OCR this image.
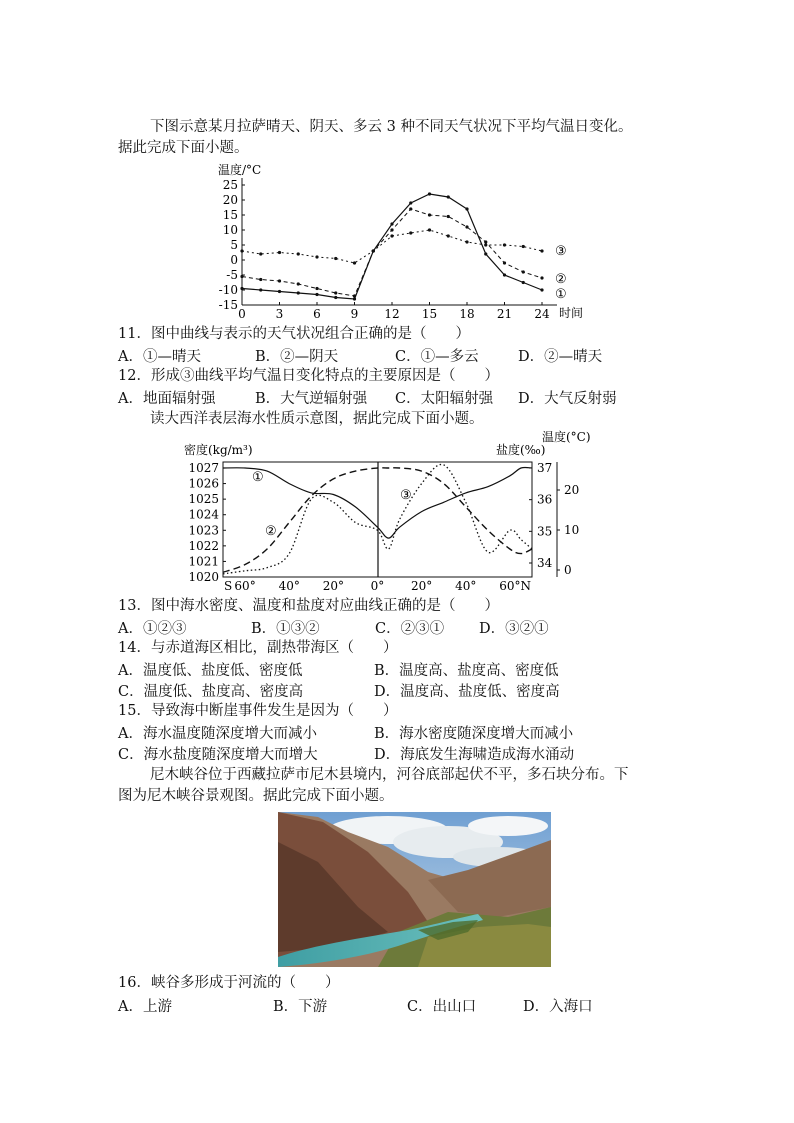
下图示意某月拉萨晴天、阴天、多云 3 种不同天气状况下平均气温日变化。
据此完成下面小题。
温度/°C
25
20
15
10
5
0
-5
-10
-15
0 3 6 9 12 15 18 21 24 时间
③
②
①
11．图中曲线与表示的天气状况组合正确的是（　　）
A．①—晴天	B．②—阴天	C．①—多云	D．②—晴天
12．形成③曲线平均气温日变化特点的主要原因是（　　）
A．地面辐射强	B．大气逆辐射强 C．太阳辐射强 D．大气反射弱
读大西洋表层海水性质示意图，据此完成下面小题。
密度(kg/m³)	盐度(‰)
温度(°C)
1027
1026
1025
1024
1023
1022
1021
1020
37
36
35
34
20
10
0
S 60° 40° 20° 0° 20° 40° 60° N
①
②
③
13．图中海水密度、温度和盐度对应曲线正确的是（　　）
A．①②③	B．①③②	C．②③① D．③②①
14．与赤道海区相比，副热带海区（　　）
A．温度低、盐度低、密度低	B．温度高、盐度高、密度低
C．温度低、盐度高、密度高	D．温度高、盐度低、密度高
15．导致海中断崖事件发生是因为（　　）
A．海水温度随深度增大而减小	B．海水密度随深度增大而减小
C．海水盐度随深度增大而增大	D．海底发生海啸造成海水涌动
尼木峡谷位于西藏拉萨市尼木县境内，河谷底部起伏不平，多石块分布。下
图为尼木峡谷景观图。据此完成下面小题。
16．峡谷多形成于河流的（　　）
A．上游	B．下游	C．出山口	D．入海口
